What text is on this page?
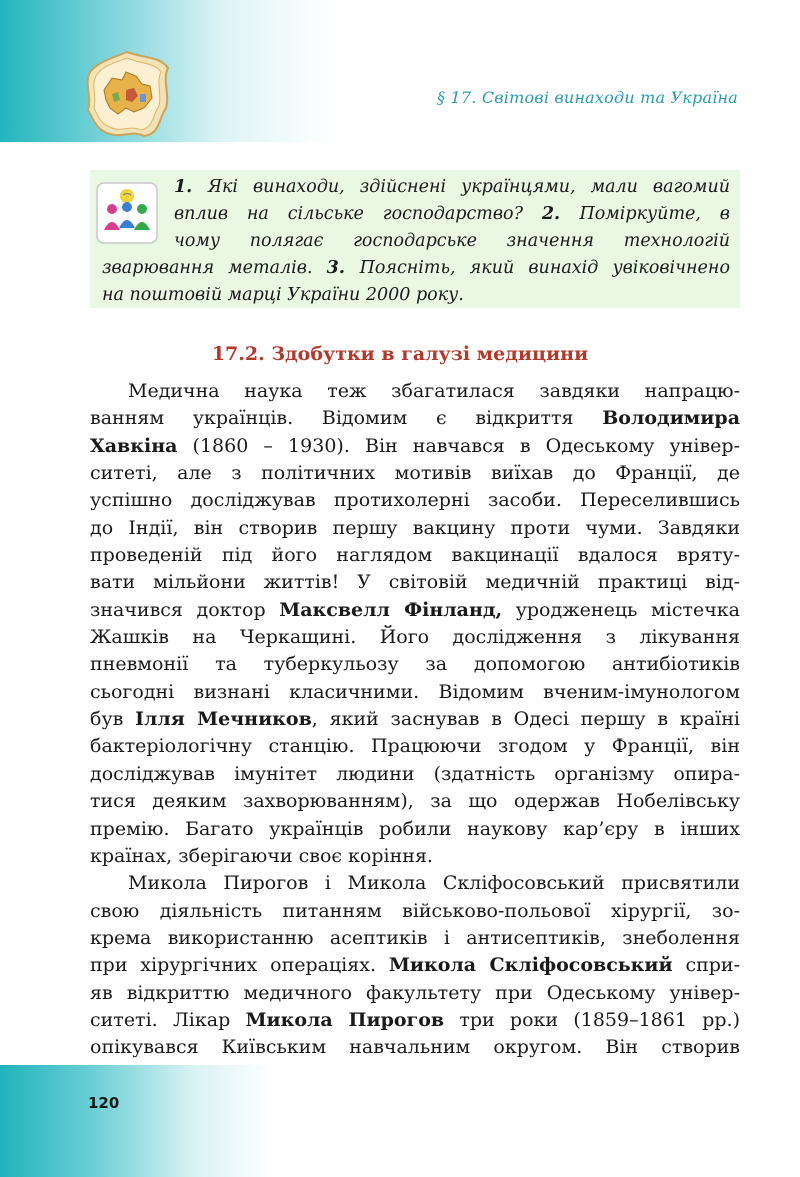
§ 17. Світові винаходи та Україна
1. Які винаходи, здійснені українцями, мали вагомий
вплив на сільське господарство? 2. Поміркуйте, в
чому полягає господарське значення технологій
зварювання металів. 3. Поясніть, який винахід увіковічнено
на поштовій марці України 2000 року.
17.2. Здобутки в галузі медицини
Медична наука теж збагатилася завдяки напрацю-
ванням українців. Відомим є відкриття Володимира
Хавкіна (1860 – 1930). Він навчався в Одеському універ-
ситеті, але з політичних мотивів виїхав до Франції, де
успішно досліджував протихолерні засоби. Переселившись
до Індії, він створив першу вакцину проти чуми. Завдяки
проведеній під його наглядом вакцинації вдалося вряту-
вати мільйони життів! У світовій медичній практиці від-
значився доктор Максвелл Фінланд, уродженець містечка
Жашків на Черкащині. Його дослідження з лікування
пневмонії та туберкульозу за допомогою антибіотиків
сьогодні визнані класичними. Відомим вченим-імунологом
був Ілля Мечников, який заснував в Одесі першу в країні
бактеріологічну станцію. Працюючи згодом у Франції, він
досліджував імунітет людини (здатність організму опира-
тися деяким захворюванням), за що одержав Нобелівську
премію. Багато українців робили наукову кар’єру в інших
країнах, зберігаючи своє коріння.
Микола Пирогов і Микола Скліфосовський присвятили
свою діяльність питанням військово-польової хірургії, зо-
крема використанню асептиків і антисептиків, знеболення
при хірургічних операціях. Микола Скліфосовський спри-
яв відкриттю медичного факультету при Одеському універ-
ситеті. Лікар Микола Пирогов три роки (1859–1861 рр.)
опікувався Київським навчальним округом. Він створив
120
